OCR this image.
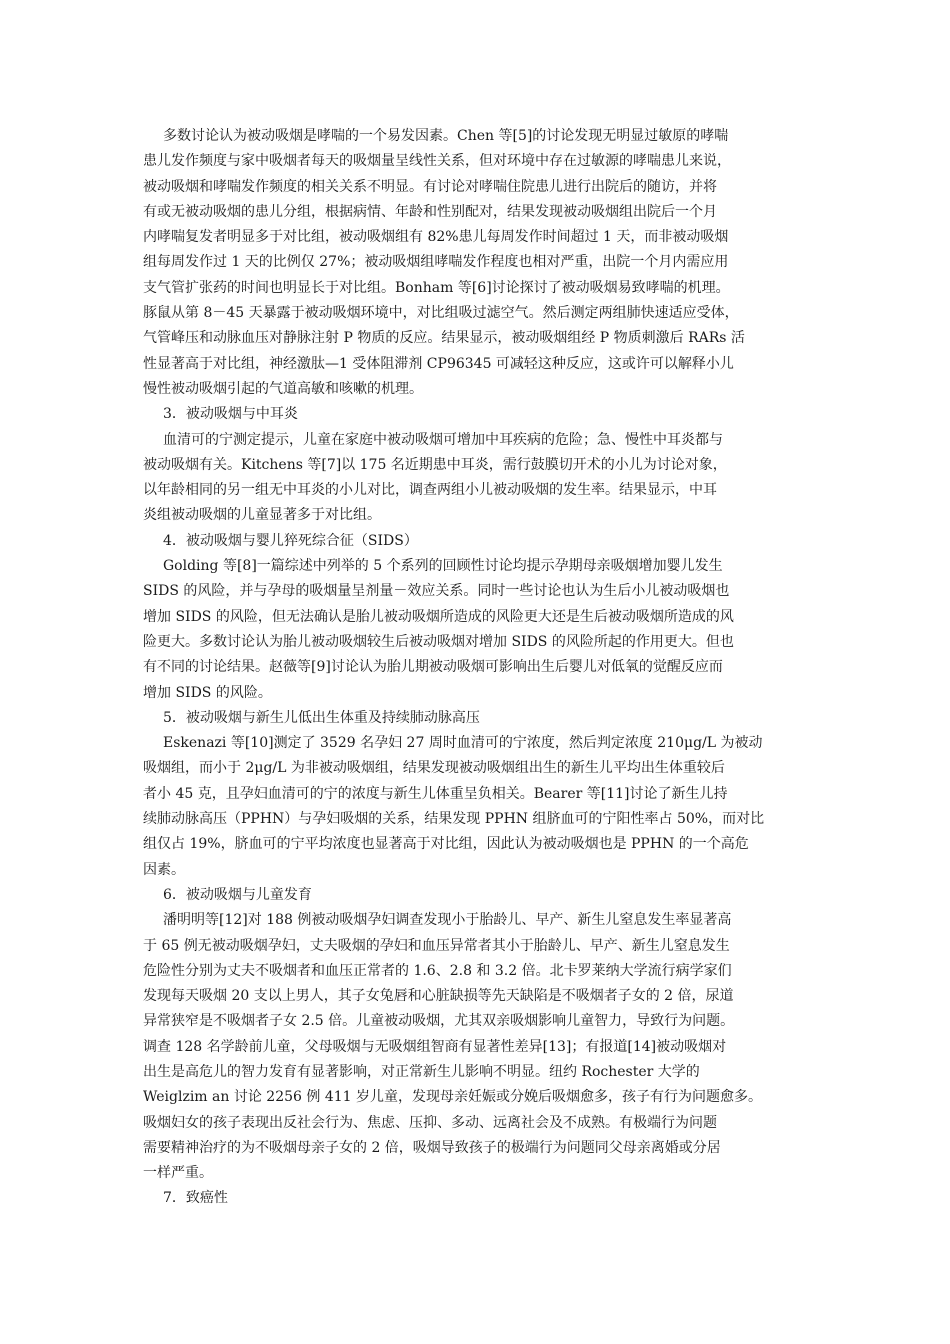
多数讨论认为被动吸烟是哮喘的一个易发因素。Chen 等[5]的讨论发现无明显过敏原的哮喘
患儿发作频度与家中吸烟者每天的吸烟量呈线性关系，但对环境中存在过敏源的哮喘患儿来说，
被动吸烟和哮喘发作频度的相关关系不明显。有讨论对哮喘住院患儿进行出院后的随访，并将
有或无被动吸烟的患儿分组，根据病情、年龄和性别配对，结果发现被动吸烟组出院后一个月
内哮喘复发者明显多于对比组，被动吸烟组有 82%患儿每周发作时间超过 1 天，而非被动吸烟
组每周发作过 1 天的比例仅 27%；被动吸烟组哮喘发作程度也相对严重，出院一个月内需应用
支气管扩张药的时间也明显长于对比组。Bonham 等[6]讨论探讨了被动吸烟易致哮喘的机理。
豚鼠从第 8－45 天暴露于被动吸烟环境中，对比组吸过滤空气。然后测定两组肺快速适应受体，
气管峰压和动脉血压对静脉注射 P 物质的反应。结果显示，被动吸烟组经 P 物质刺激后 RARs 活
性显著高于对比组，神经激肽—1 受体阻滞剂 CP96345 可减轻这种反应，这或许可以解释小儿
慢性被动吸烟引起的气道高敏和咳嗽的机理。
3．被动吸烟与中耳炎
血清可的宁测定提示，儿童在家庭中被动吸烟可增加中耳疾病的危险；急、慢性中耳炎都与
被动吸烟有关。Kitchens 等[7]以 175 名近期患中耳炎，需行鼓膜切开术的小儿为讨论对象，
以年龄相同的另一组无中耳炎的小儿对比，调查两组小儿被动吸烟的发生率。结果显示，中耳
炎组被动吸烟的儿童显著多于对比组。
4．被动吸烟与婴儿猝死综合征（SIDS）
Golding 等[8]一篇综述中列举的 5 个系列的回顾性讨论均提示孕期母亲吸烟增加婴儿发生
SIDS 的风险，并与孕母的吸烟量呈剂量－效应关系。同时一些讨论也认为生后小儿被动吸烟也
增加 SIDS 的风险，但无法确认是胎儿被动吸烟所造成的风险更大还是生后被动吸烟所造成的风
险更大。多数讨论认为胎儿被动吸烟较生后被动吸烟对增加 SIDS 的风险所起的作用更大。但也
有不同的讨论结果。赵薇等[9]讨论认为胎儿期被动吸烟可影响出生后婴儿对低氧的觉醒反应而
增加 SIDS 的风险。
5．被动吸烟与新生儿低出生体重及持续肺动脉高压
Eskenazi 等[10]测定了 3529 名孕妇 27 周时血清可的宁浓度，然后判定浓度 210μg/L 为被动
吸烟组，而小于 2μg/L 为非被动吸烟组，结果发现被动吸烟组出生的新生儿平均出生体重较后
者小 45 克，且孕妇血清可的宁的浓度与新生儿体重呈负相关。Bearer 等[11]讨论了新生儿持
续肺动脉高压（PPHN）与孕妇吸烟的关系，结果发现 PPHN 组脐血可的宁阳性率占 50%，而对比
组仅占 19%，脐血可的宁平均浓度也显著高于对比组，因此认为被动吸烟也是 PPHN 的一个高危
因素。
6．被动吸烟与儿童发育
潘明明等[12]对 188 例被动吸烟孕妇调查发现小于胎龄儿、早产、新生儿窒息发生率显著高
于 65 例无被动吸烟孕妇，丈夫吸烟的孕妇和血压异常者其小于胎龄儿、早产、新生儿窒息发生
危险性分别为丈夫不吸烟者和血压正常者的 1.6、2.8 和 3.2 倍。北卡罗莱纳大学流行病学家们
发现每天吸烟 20 支以上男人，其子女兔唇和心脏缺损等先天缺陷是不吸烟者子女的 2 倍，尿道
异常狭窄是不吸烟者子女 2.5 倍。儿童被动吸烟，尤其双亲吸烟影响儿童智力，导致行为问题。
调查 128 名学龄前儿童，父母吸烟与无吸烟组智商有显著性差异[13]；有报道[14]被动吸烟对
出生是高危儿的智力发育有显著影响，对正常新生儿影响不明显。纽约 Rochester 大学的
Weiglzim an 讨论 2256 例 411 岁儿童，发现母亲妊娠或分娩后吸烟愈多，孩子有行为问题愈多。
吸烟妇女的孩子表现出反社会行为、焦虑、压抑、多动、远离社会及不成熟。有极端行为问题
需要精神治疗的为不吸烟母亲子女的 2 倍，吸烟导致孩子的极端行为问题同父母亲离婚或分居
一样严重。
7．致癌性
